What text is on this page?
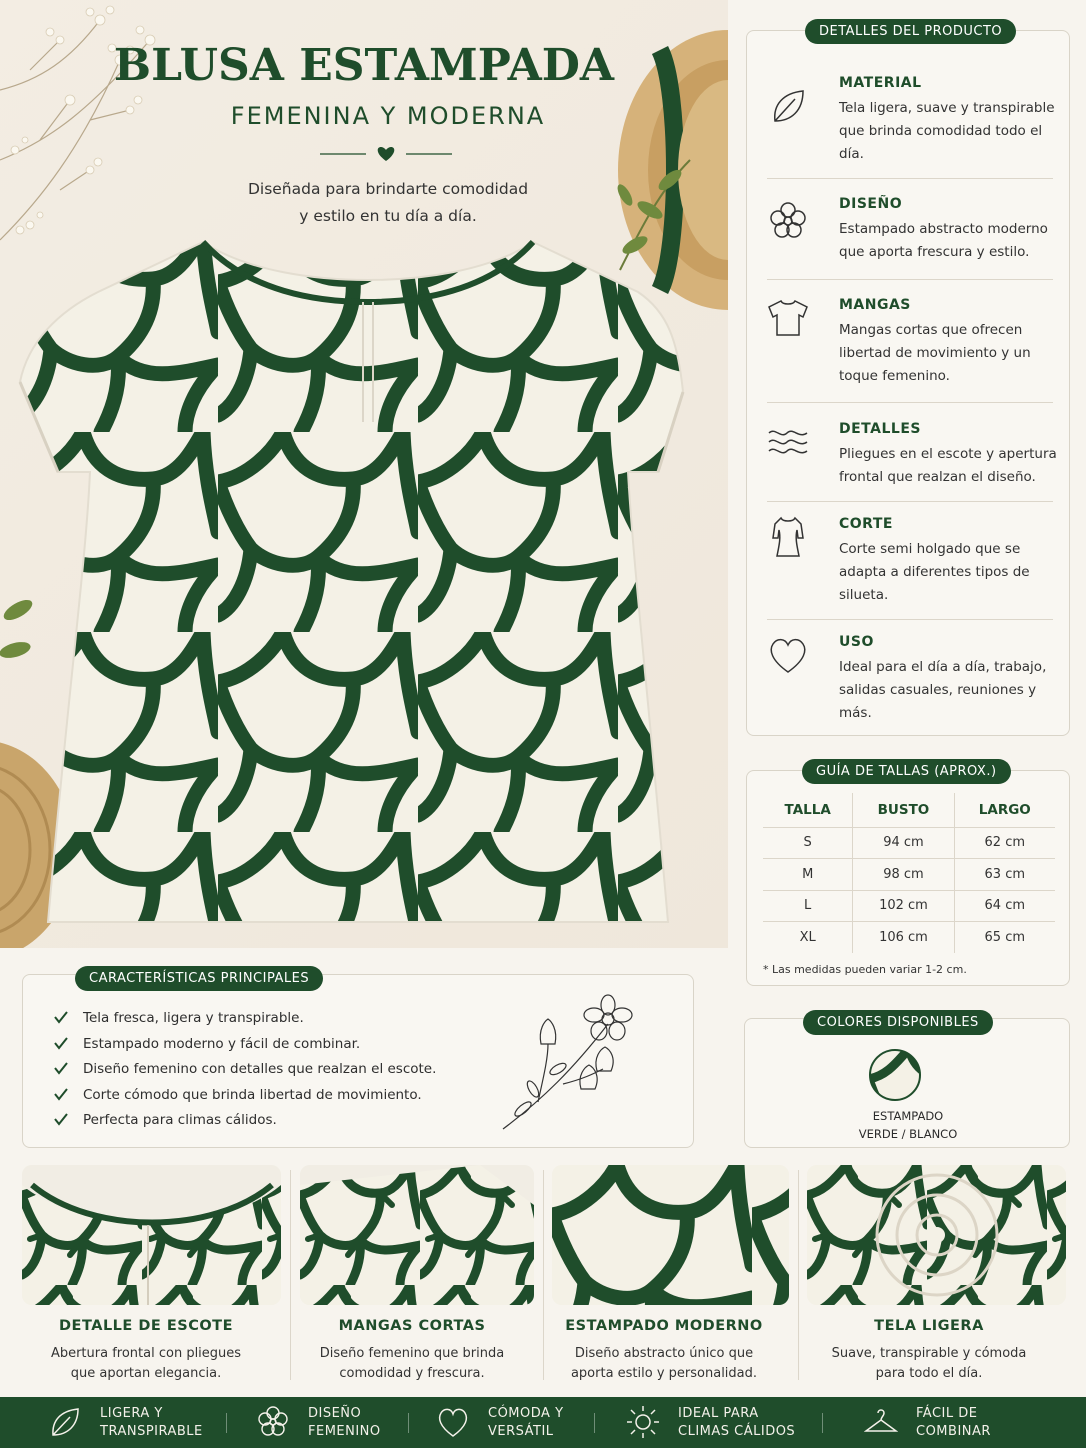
BLUSA ESTAMPADA
FEMENINA Y MODERNA
Diseñada para brindarte comodidad
y estilo en tu día a día.
DETALLES DEL PRODUCTO
MATERIAL

Tela ligera, suave y transpirable que brinda comodidad todo el día.

DISEÑO

Estampado abstracto moderno que aporta frescura y estilo.

MANGAS

Mangas cortas que ofrecen libertad de movimiento y un toque femenino.

DETALLES

Pliegues en el escote y apertura frontal que realzan el diseño.

CORTE

Corte semi holgado que se adapta a diferentes tipos de silueta.

USO

Ideal para el día a día, trabajo, salidas casuales, reuniones y más.

GUÍA DE TALLAS (APROX.)
TALLA	BUSTO	LARGO
S	94 cm	62 cm
M	98 cm	63 cm
L	102 cm	64 cm
XL	106 cm	65 cm
* Las medidas pueden variar 1-2 cm.
CARACTERÍSTICAS PRINCIPALES
Tela fresca, ligera y transpirable.
Estampado moderno y fácil de combinar.
Diseño femenino con detalles que realzan el escote.
Corte cómodo que brinda libertad de movimiento.
Perfecta para climas cálidos.
COLORES DISPONIBLES
ESTAMPADO
VERDE / BLANCO
DETALLE DE ESCOTE
Abertura frontal con pliegues
que aportan elegancia.
MANGAS CORTAS
Diseño femenino que brinda
comodidad y frescura.
ESTAMPADO MODERNO
Diseño abstracto único que
aporta estilo y personalidad.
TELA LIGERA
Suave, transpirable y cómoda
para todo el día.
LIGERA Y
TRANSPIRABLE
DISEÑO
FEMENINO
CÓMODA Y
VERSÁTIL
IDEAL PARA
CLIMAS CÁLIDOS
FÁCIL DE
COMBINAR
